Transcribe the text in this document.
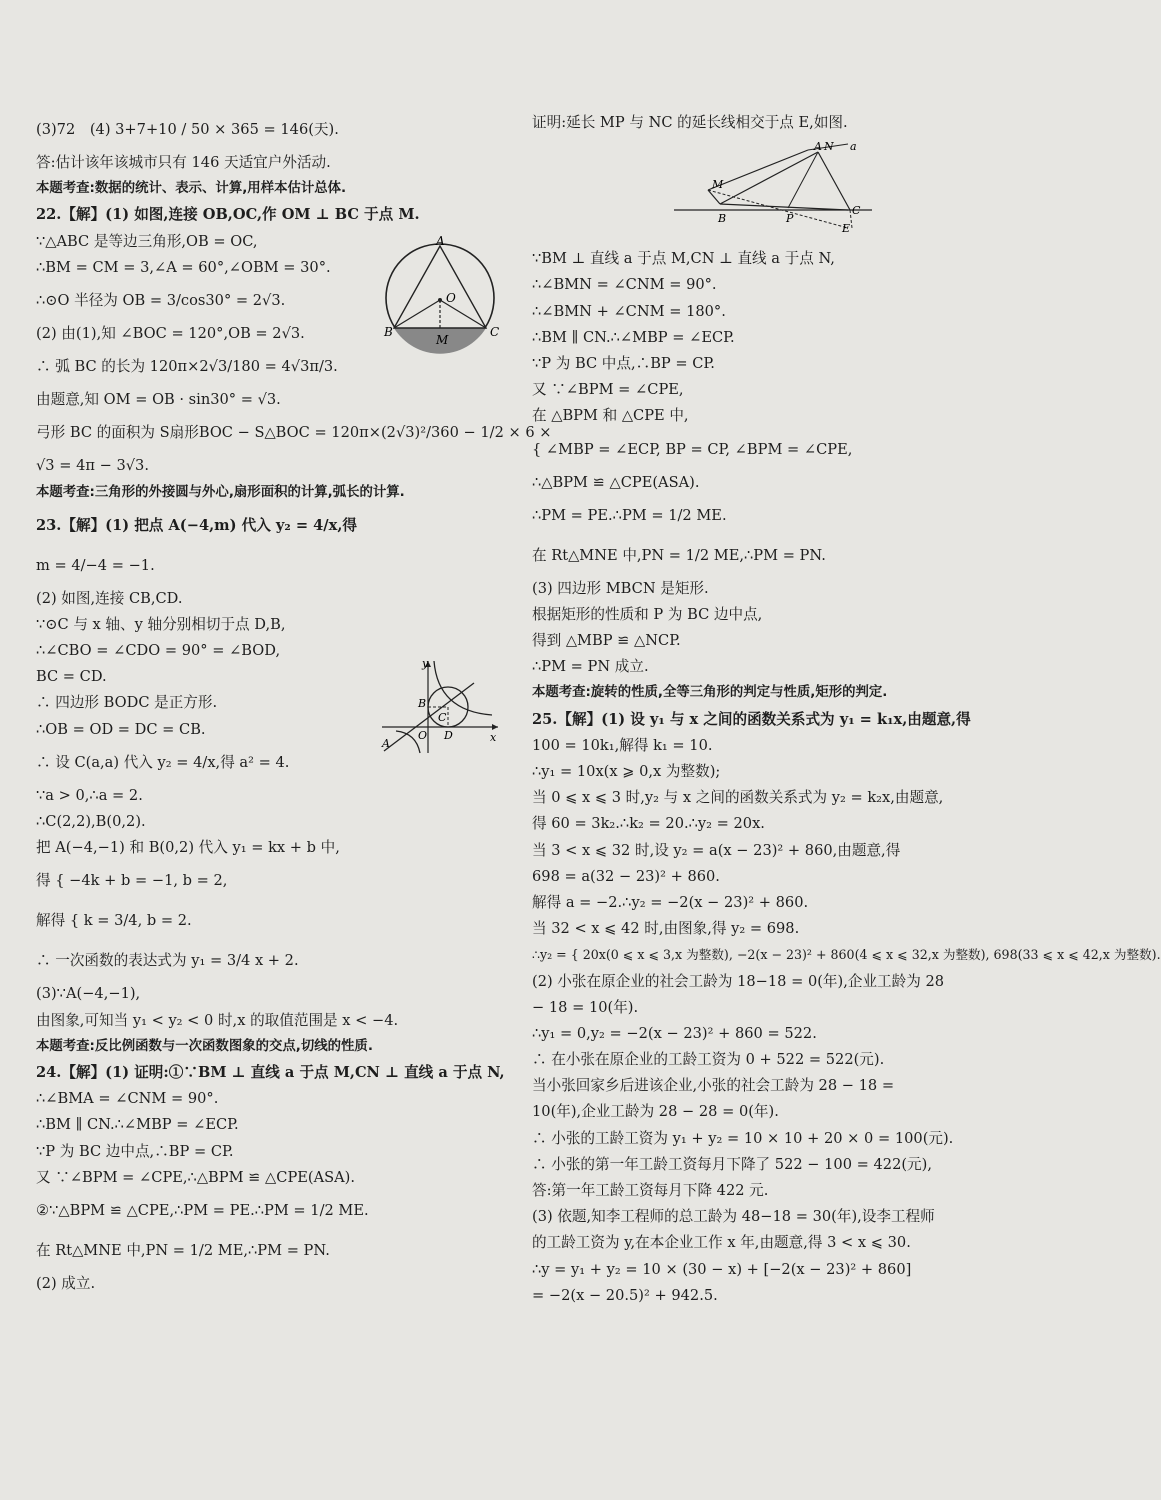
(3)72　(4) 3+7+10 / 50 × 365 = 146(天).
答:估计该年该城市只有 146 天适宜户外活动.
本题考查:数据的统计、表示、计算,用样本估计总体.
22.【解】(1) 如图,连接 OB,OC,作 OM ⊥ BC 于点 M.
∵△ABC 是等边三角形,OB = OC,
∴BM = CM = 3,∠A = 60°,∠OBM = 30°.
∴⊙O 半径为 OB = 3/cos30° = 2√3.
(2) 由(1),知 ∠BOC = 120°,OB = 2√3.
∴ 弧 BC 的长为 120π×2√3/180 = 4√3π/3.
由题意,知 OM = OB · sin30° = √3.
弓形 BC 的面积为 S扇形BOC − S△BOC = 120π×(2√3)²/360 − 1/2 × 6 ×
√3 = 4π − 3√3.
本题考查:三角形的外接圆与外心,扇形面积的计算,弧长的计算.
23.【解】(1) 把点 A(−4,m) 代入 y₂ = 4/x,得
m = 4/−4 = −1.
(2) 如图,连接 CB,CD.
∵⊙C 与 x 轴、y 轴分别相切于点 D,B,
∴∠CBO = ∠CDO = 90° = ∠BOD,
BC = CD.
∴ 四边形 BODC 是正方形.
∴OB = OD = DC = CB.
∴ 设 C(a,a) 代入 y₂ = 4/x,得 a² = 4.
∵a > 0,∴a = 2.
∴C(2,2),B(0,2).
把 A(−4,−1) 和 B(0,2) 代入 y₁ = kx + b 中,
得 { −4k + b = −1, b = 2,
解得 { k = 3/4, b = 2.
∴ 一次函数的表达式为 y₁ = 3/4 x + 2.
(3)∵A(−4,−1),
由图象,可知当 y₁ < y₂ < 0 时,x 的取值范围是 x < −4.
本题考查:反比例函数与一次函数图象的交点,切线的性质.
24.【解】(1) 证明:①∵BM ⊥ 直线 a 于点 M,CN ⊥ 直线 a 于点 N,
∴∠BMA = ∠CNM = 90°.
∴BM ∥ CN.∴∠MBP = ∠ECP.
∵P 为 BC 边中点,∴BP = CP.
又 ∵∠BPM = ∠CPE,∴△BPM ≌ △CPE(ASA).
②∵△BPM ≌ △CPE,∴PM = PE.∴PM = 1/2 ME.
在 Rt△MNE 中,PN = 1/2 ME,∴PM = PN.
(2) 成立.
证明:延长 MP 与 NC 的延长线相交于点 E,如图.
∵BM ⊥ 直线 a 于点 M,CN ⊥ 直线 a 于点 N,
∴∠BMN = ∠CNM = 90°.
∴∠BMN + ∠CNM = 180°.
∴BM ∥ CN.∴∠MBP = ∠ECP.
∵P 为 BC 中点,∴BP = CP.
又 ∵∠BPM = ∠CPE,
在 △BPM 和 △CPE 中,
{ ∠MBP = ∠ECP, BP = CP, ∠BPM = ∠CPE,
∴△BPM ≌ △CPE(ASA).
∴PM = PE.∴PM = 1/2 ME.
在 Rt△MNE 中,PN = 1/2 ME,∴PM = PN.
(3) 四边形 MBCN 是矩形.
根据矩形的性质和 P 为 BC 边中点,
得到 △MBP ≌ △NCP.
∴PM = PN 成立.
本题考查:旋转的性质,全等三角形的判定与性质,矩形的判定.
25.【解】(1) 设 y₁ 与 x 之间的函数关系式为 y₁ = k₁x,由题意,得
100 = 10k₁,解得 k₁ = 10.
∴y₁ = 10x(x ⩾ 0,x 为整数);
当 0 ⩽ x ⩽ 3 时,y₂ 与 x 之间的函数关系式为 y₂ = k₂x,由题意,
得 60 = 3k₂.∴k₂ = 20.∴y₂ = 20x.
当 3 < x ⩽ 32 时,设 y₂ = a(x − 23)² + 860,由题意,得
698 = a(32 − 23)² + 860.
解得 a = −2.∴y₂ = −2(x − 23)² + 860.
当 32 < x ⩽ 42 时,由图象,得 y₂ = 698.
∴y₂ = { 20x(0 ⩽ x ⩽ 3,x 为整数), −2(x − 23)² + 860(4 ⩽ x ⩽ 32,x 为整数), 698(33 ⩽ x ⩽ 42,x 为整数).
(2) 小张在原企业的社会工龄为 18−18 = 0(年),企业工龄为 28
− 18 = 10(年).
∴y₁ = 0,y₂ = −2(x − 23)² + 860 = 522.
∴ 在小张在原企业的工龄工资为 0 + 522 = 522(元).
当小张回家乡后进该企业,小张的社会工龄为 28 − 18 =
10(年),企业工龄为 28 − 28 = 0(年).
∴ 小张的工龄工资为 y₁ + y₂ = 10 × 10 + 20 × 0 = 100(元).
∴ 小张的第一年工龄工资每月下降了 522 − 100 = 422(元),
答:第一年工龄工资每月下降 422 元.
(3) 依题,知李工程师的总工龄为 48−18 = 30(年),设李工程师
的工龄工资为 y,在本企业工作 x 年,由题意,得 3 < x ⩽ 30.
∴y = y₁ + y₂ = 10 × (30 − x) + [−2(x − 23)² + 860]
= −2(x − 20.5)² + 942.5.
A
B	C
O
M
y
x
O
A
B
C
D
A N a
M
B	P
C
E
